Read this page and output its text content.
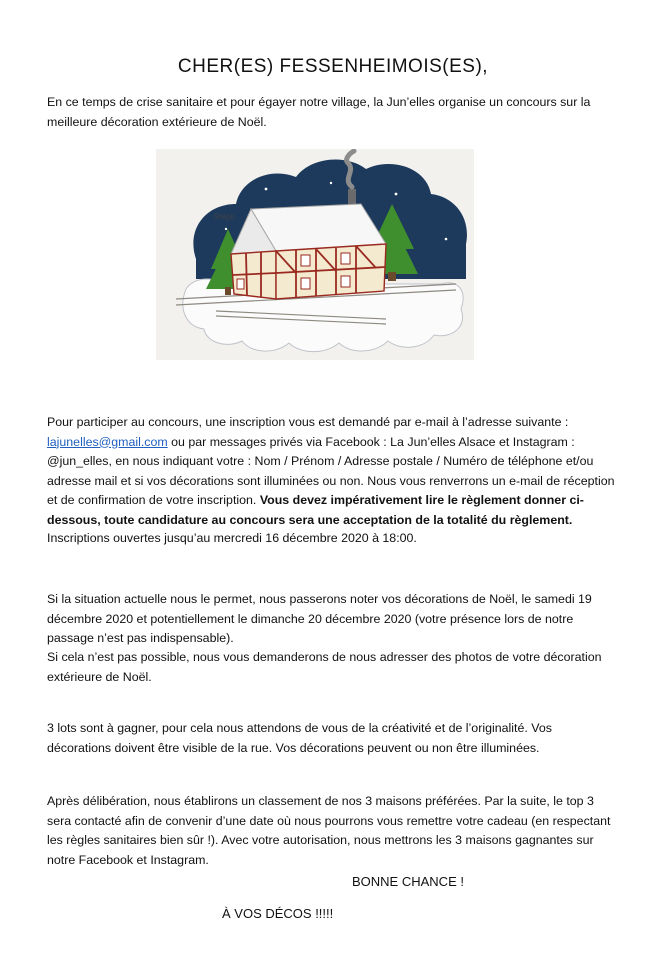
CHER(ES) FESSENHEIMOIS(ES),

En ce temps de crise sanitaire et pour égayer notre village, la Jun’elles organise un concours sur la meilleure décoration extérieure de Noël.

Stéph

Pour participer au concours, une inscription vous est demandé par e-mail à l’adresse suivante :
lajunelles@gmail.com ou par messages privés via Facebook : La Jun’elles Alsace et Instagram : @jun_elles, en nous indiquant votre : Nom / Prénom / Adresse postale / Numéro de téléphone et/ou adresse mail et si vos décorations sont illuminées ou non. Nous vous renverrons un e-mail de réception et de confirmation de votre inscription. Vous devez impérativement lire le règlement donner ci-dessous, toute candidature au concours sera une acceptation de la totalité du règlement.

Inscriptions ouvertes jusqu’au mercredi 16 décembre 2020 à 18:00.

Si la situation actuelle nous le permet, nous passerons noter vos décorations de Noël, le samedi 19 décembre 2020 et potentiellement le dimanche 20 décembre 2020 (votre présence lors de notre passage n’est pas indispensable).

Si cela n’est pas possible, nous vous demanderons de nous adresser des photos de votre décoration extérieure de Noël.

3 lots sont à gagner, pour cela nous attendons de vous de la créativité et de l’originalité. Vos décorations doivent être visible de la rue. Vos décorations peuvent ou non être illuminées.

Après délibération, nous établirons un classement de nos 3 maisons préférées. Par la suite, le top 3 sera contacté afin de convenir d’une date où nous pourrons vous remettre votre cadeau (en respectant les règles sanitaires bien sûr !). Avec votre autorisation, nous mettrons les 3 maisons gagnantes sur notre Facebook et Instagram.

BONNE CHANCE !
À VOS DÉCOS !!!!!
